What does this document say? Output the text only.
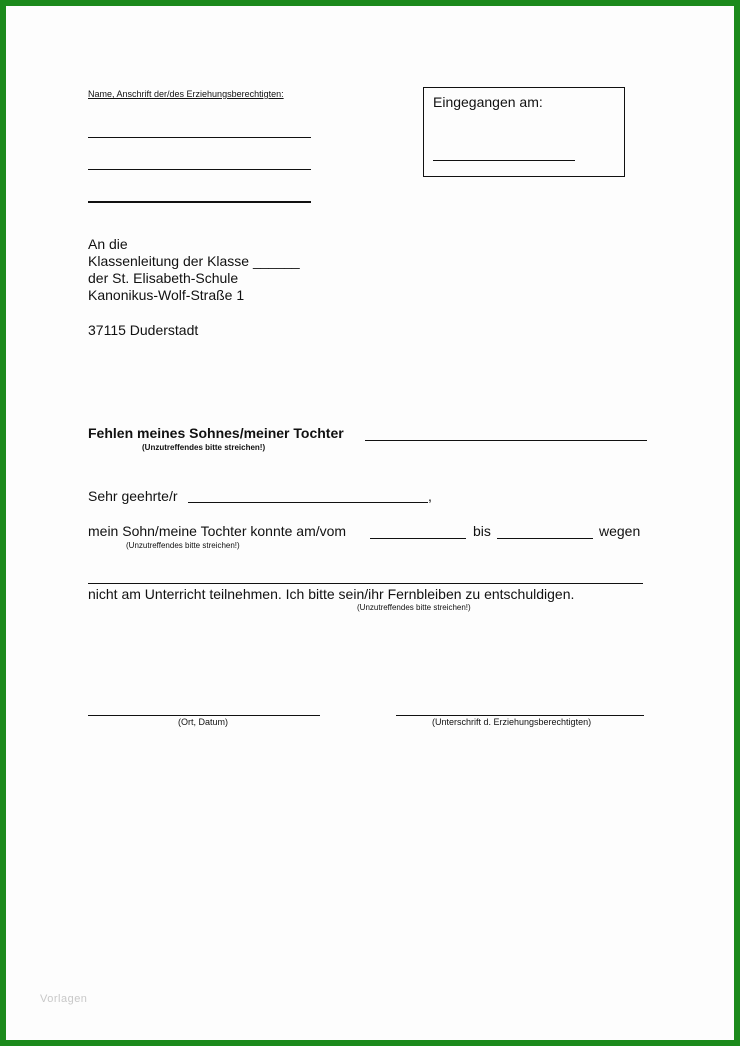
Name, Anschrift der/des Erziehungsberechtigten:	Eingegangen am:
An die
Klassenleitung der Klasse ______
der St. Elisabeth-Schule
Kanonikus-Wolf-Straße 1
37115 Duderstadt
Fehlen meines Sohnes/meiner Tochter
(Unzutreffendes bitte streichen!)
Sehr geehrte/r	,
mein Sohn/meine Tochter konnte am/vom	bis	wegen
(Unzutreffendes bitte streichen!)
nicht am Unterricht teilnehmen. Ich bitte sein/ihr Fernbleiben zu entschuldigen.
(Unzutreffendes bitte streichen!)
(Ort, Datum)	(Unterschrift d. Erziehungsberechtigten)
Vorlagen
